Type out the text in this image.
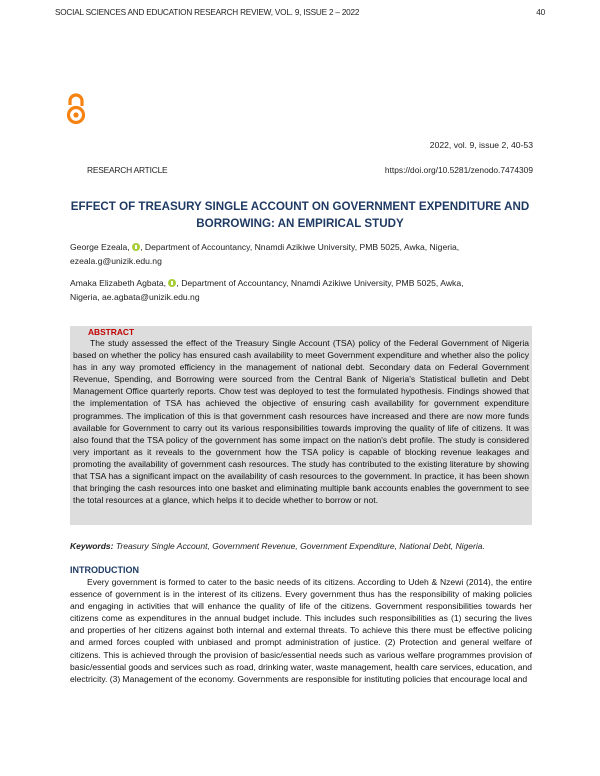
SOCIAL SCIENCES AND EDUCATION RESEARCH REVIEW, VOL. 9, ISSUE 2 – 2022	40
2022, vol. 9, issue 2, 40-53
RESEARCH ARTICLE	https://doi.org/10.5281/zenodo.7474309
EFFECT OF TREASURY SINGLE ACCOUNT ON GOVERNMENT EXPENDITURE AND
BORROWING: AN EMPIRICAL STUDY
George Ezeala, , Department of Accountancy, Nnamdi Azikiwe University, PMB 5025, Awka, Nigeria,
ezeala.g@unizik.edu.ng
Amaka Elizabeth Agbata, , Department of Accountancy, Nnamdi Azikiwe University, PMB 5025, Awka,
Nigeria, ae.agbata@unizik.edu.ng
ABSTRACT
The study assessed the effect of the Treasury Single Account (TSA) policy of the Federal Government of Nigeria based on whether the policy has ensured cash availability to meet Government expenditure and whether also the policy has in any way promoted efficiency in the management of national debt. Secondary data on Federal Government Revenue, Spending, and Borrowing were sourced from the Central Bank of Nigeria's Statistical bulletin and Debt Management Office quarterly reports. Chow test was deployed to test the formulated hypothesis. Findings showed that the implementation of TSA has achieved the objective of ensuring cash availability for government expenditure programmes. The implication of this is that government cash resources have increased and there are now more funds available for Government to carry out its various responsibilities towards improving the quality of life of citizens. It was also found that the TSA policy of the government has some impact on the nation's debt profile. The study is considered very important as it reveals to the government how the TSA policy is capable of blocking revenue leakages and promoting the availability of government cash resources. The study has contributed to the existing literature by showing that TSA has a significant impact on the availability of cash resources to the government. In practice, it has been shown that bringing the cash resources into one basket and eliminating multiple bank accounts enables the government to see the total resources at a glance, which helps it to decide whether to borrow or not.
Keywords: Treasury Single Account, Government Revenue, Government Expenditure, National Debt, Nigeria.
INTRODUCTION
Every government is formed to cater to the basic needs of its citizens. According to Udeh & Nzewi (2014), the entire essence of government is in the interest of its citizens. Every government thus has the responsibility of making policies and engaging in activities that will enhance the quality of life of the citizens. Government responsibilities towards her citizens come as expenditures in the annual budget include. This includes such responsibilities as (1) securing the lives and properties of her citizens against both internal and external threats. To achieve this there must be effective policing and armed forces coupled with unbiased and prompt administration of justice. (2) Protection and general welfare of citizens. This is achieved through the provision of basic/essential needs such as various welfare programmes provision of basic/essential goods and services such as road, drinking water, waste management, health care services, education, and electricity. (3) Management of the economy. Governments are responsible for instituting policies that encourage local and
